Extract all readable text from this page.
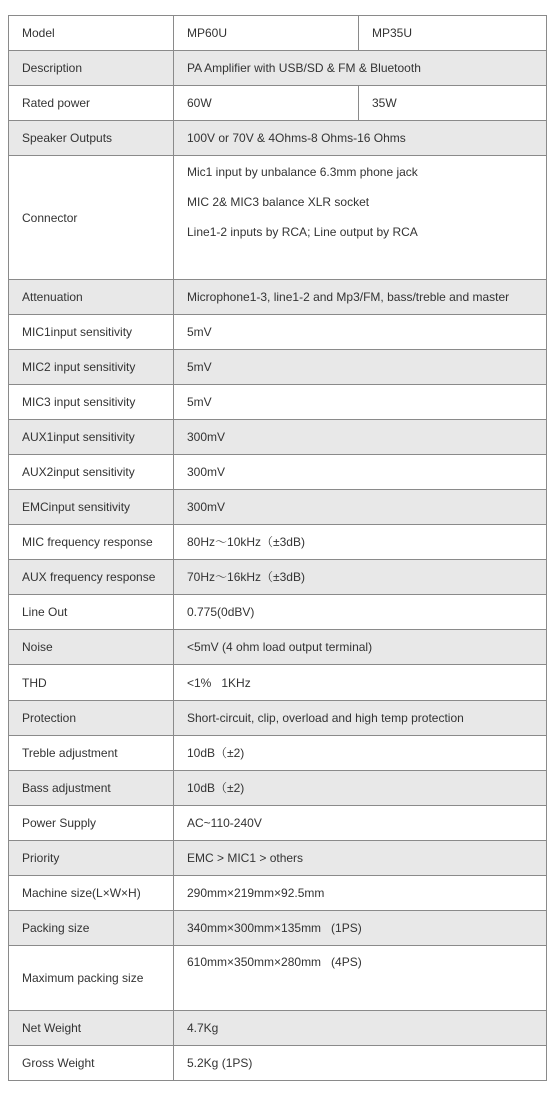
Model	MP60U	MP35U
Description	PA Amplifier with USB/SD & FM & Bluetooth	
Rated power	60W	35W
Speaker Outputs	100V or 70V & 4Ohms-8 Ohms-16 Ohms	
Connector	Mic1 input by unbalance 6.3mm phone jack
MIC 2& MIC3 balance XLR socket
Line1-2 inputs by RCA; Line output by RCA	

Attenuation	Microphone1-3, line1-2 and Mp3/FM, bass/treble and master	
MIC1input sensitivity	5mV	
MIC2 input sensitivity	5mV	
MIC3 input sensitivity	5mV	
AUX1input sensitivity	300mV	
AUX2input sensitivity	300mV	
EMCinput sensitivity	300mV	
MIC frequency response	80Hz～10kHz（±3dB)	
AUX frequency response	70Hz～16kHz（±3dB)	
Line Out	0.775(0dBV)	
Noise	<5mV (4 ohm load output terminal)	
THD	<1%   1KHz	
Protection	Short-circuit, clip, overload and high temp protection	
Treble adjustment	10dB（±2)	
Bass adjustment	10dB（±2)	
Power Supply	AC~110-240V	
Priority	EMC > MIC1 > others	
Machine size(L×W×H)	290mm×219mm×92.5mm	
Packing size	340mm×300mm×135mm   (1PS)	
Maximum packing size	610mm×350mm×280mm   (4PS)	
Net Weight	4.7Kg	
Gross Weight	5.2Kg (1PS)	
